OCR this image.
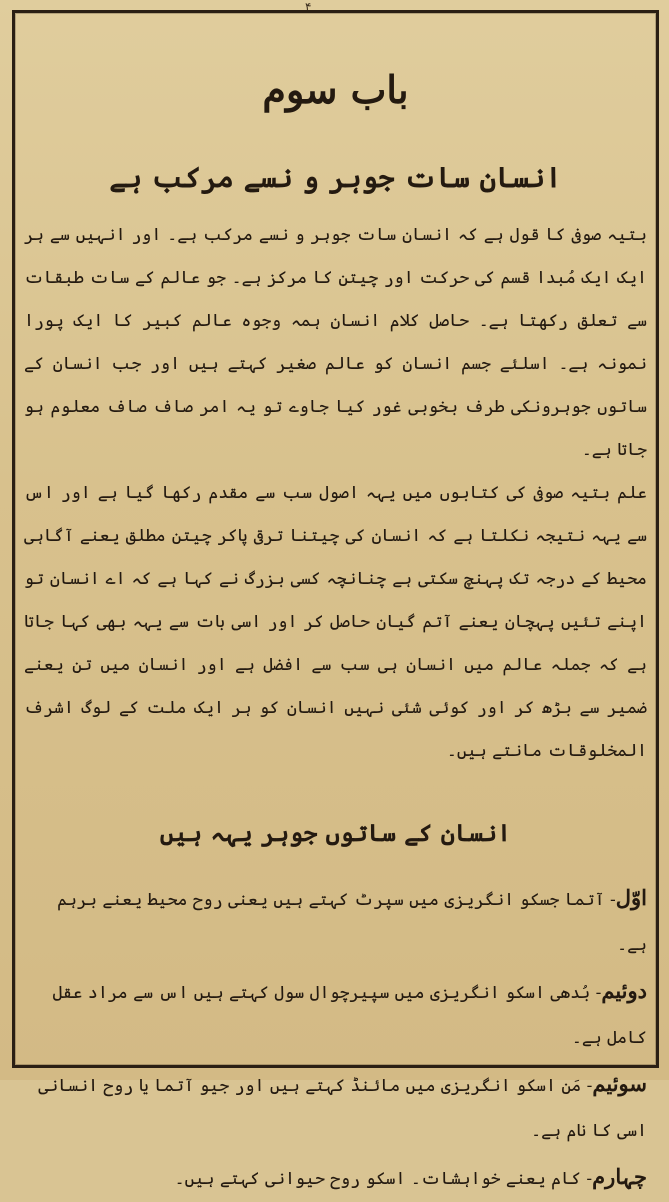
۴
باب سوم
انسان سات جوہر و نسے مرکب ہے

بتیہ صوفی کا قول ہے کہ انسان سات جوہر و نسے مرکب ہے۔ اور انہیں سے ہر ایک ایک مُبدا قسم کی حرکت اور چیتن کا مرکز ہے۔ جو عالم کے سات طبقات سے تعلق رکھتا ہے۔ حاصل کلام انسان ہمہ وجوہ عالم کبیر کا ایک پورا نمونہ ہے۔ اسلئے جسم انسان کو عالم صغیر کہتے ہیں اور جب انسان کے ساتوں جوہرونکی طرف بخوبی غور کیا جاوے تو یہ امر صاف صاف معلوم ہو جاتا ہے۔

علم بتیہ صوفی کی کتابوں میں یہہ اصول سب سے مقدم رکھا گیا ہے اور اس سے یہہ نتیجہ نکلتا ہے کہ انسان کی چیتنا ترقی پاکر چیتن مطلق یعنے آگاہی محیط کے درجہ تک پہنچ سکتی ہے چنانچہ کسی بزرگ نے کہا ہے کہ اے انسان تو اپنے تئیں پہچان یعنے آتم گیان حاصل کر اور اسی بات سے یہہ بھی کہا جاتا ہے کہ جملہ عالم میں انسان ہی سب سے افضل ہے اور انسان میں تن یعنے ضمیر سے بڑھ کر اور کوئی شئی نہیں انسان کو ہر ایک ملت کے لوگ اشرف المخلوقات مانتے ہیں۔

انسان کے ساتوں جوہر یہہ ہیں
اوّل- آتما جسکو انگریزی میں سپرٹ کہتے ہیں یعنی روح محیط یعنے برہم ہے۔
دوئیم- بُدھی اسکو انگریزی میں سپیرچوال سول کہتے ہیں اس سے مراد عقل کامل ہے۔
سوئیم- مَن اسکو انگریزی میں مائنڈ کہتے ہیں اور جیو آتما یا روح انسانی اسی کا نام ہے۔
چہارم- کام یعنے خواہشات۔ اسکو روح حیوانی کہتے ہیں۔
